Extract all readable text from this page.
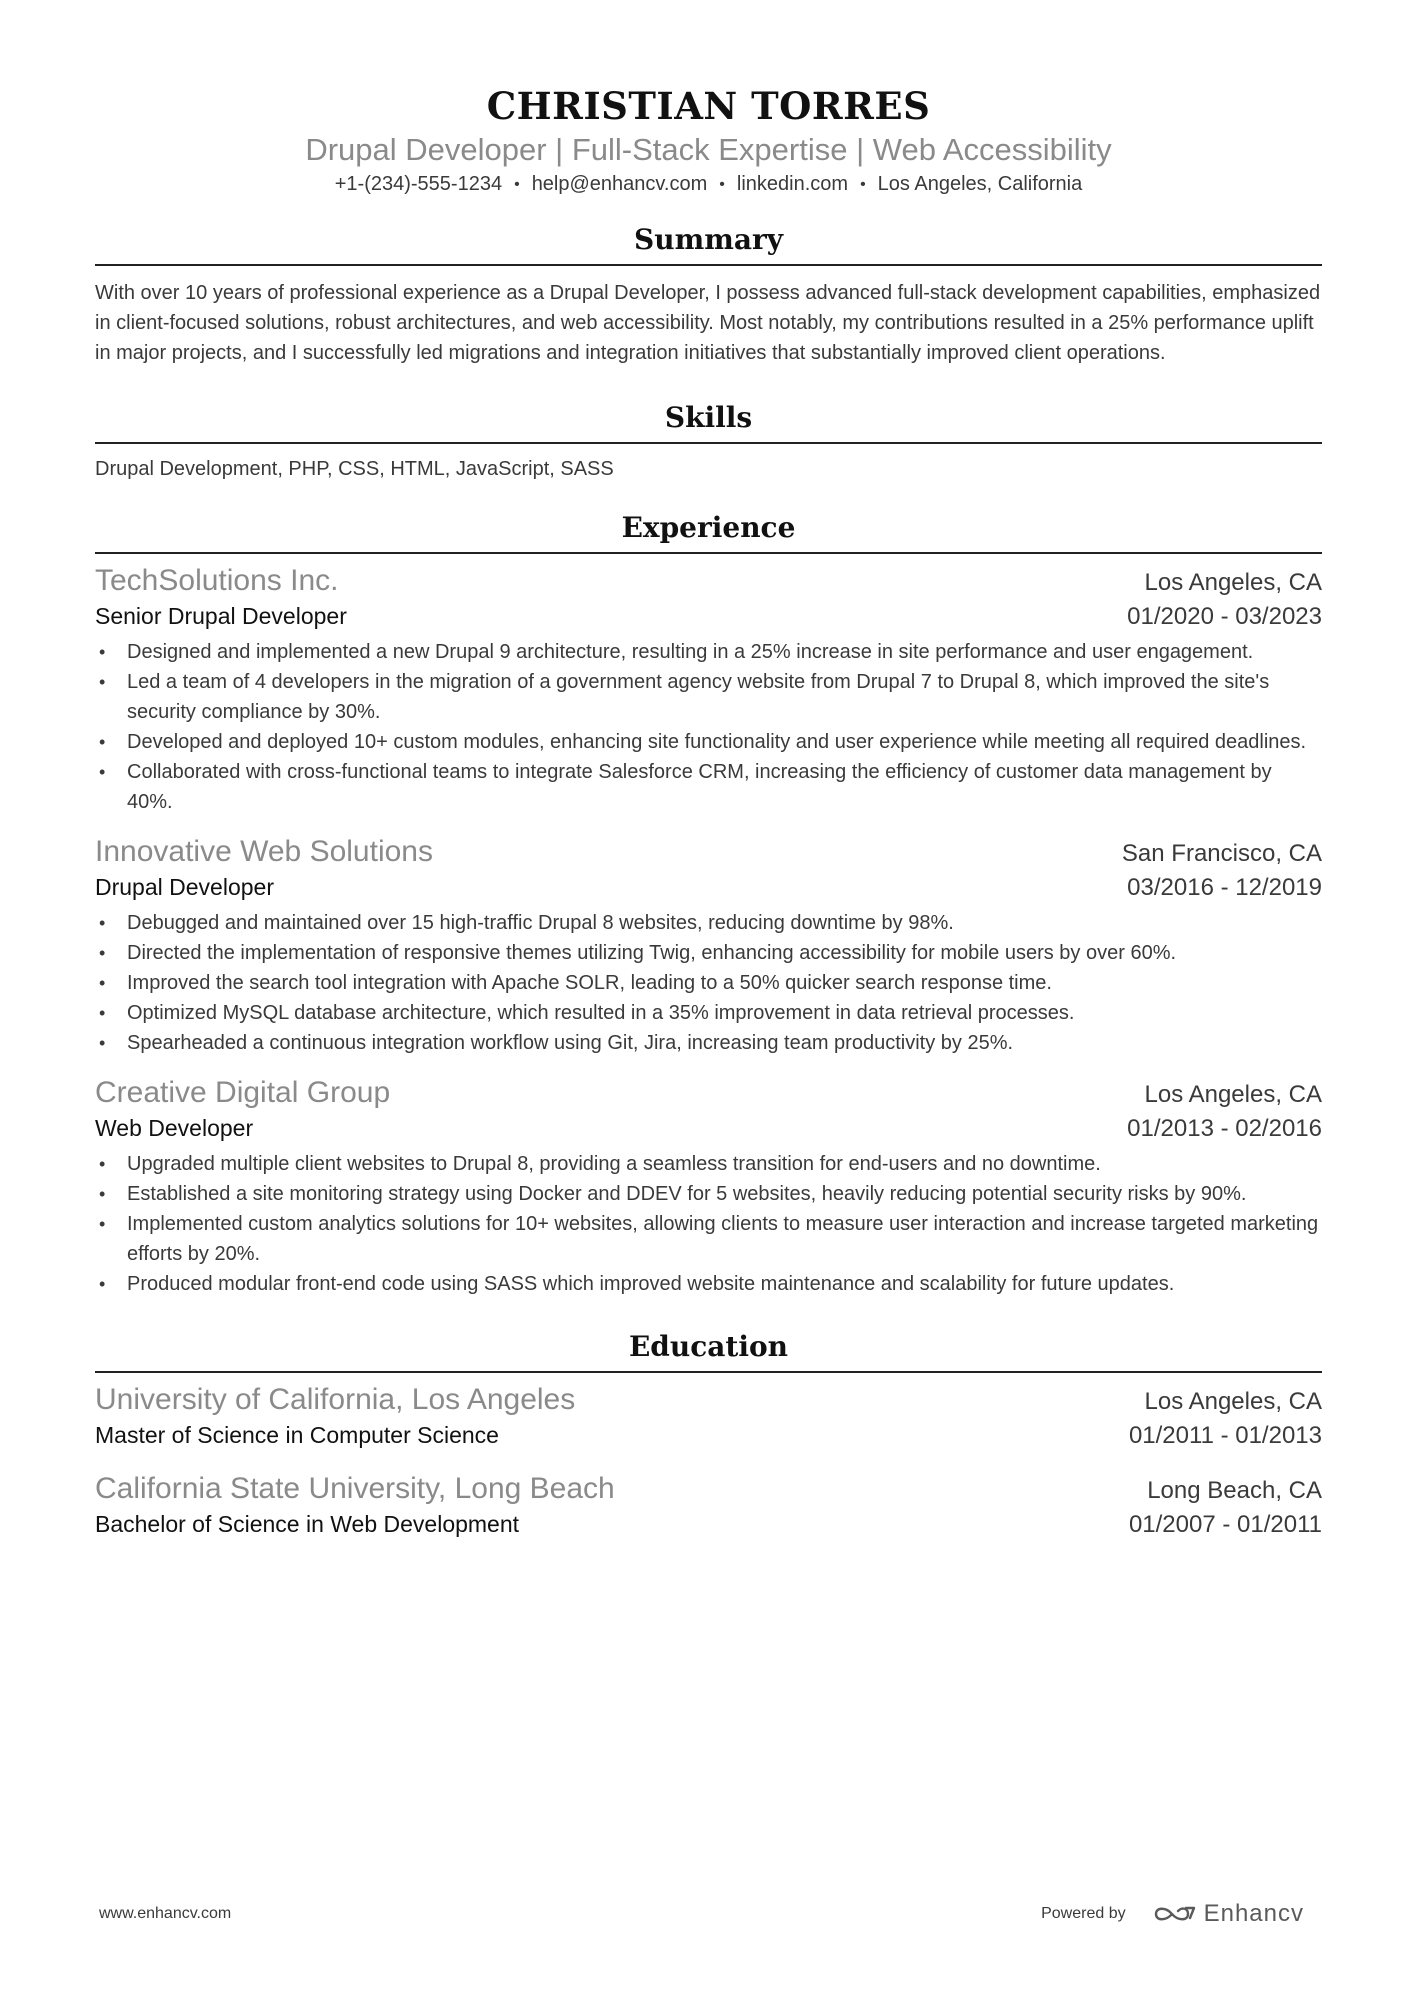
CHRISTIAN TORRES
Drupal Developer | Full-Stack Expertise | Web Accessibility
+1-(234)-555-1234 • help@enhancv.com • linkedin.com • Los Angeles, California
Summary
With over 10 years of professional experience as a Drupal Developer, I possess advanced full-stack development capabilities, emphasized in client-focused solutions, robust architectures, and web accessibility. Most notably, my contributions resulted in a 25% performance uplift in major projects, and I successfully led migrations and integration initiatives that substantially improved client operations.
Skills
Drupal Development, PHP, CSS, HTML, JavaScript, SASS
Experience
TechSolutions Inc.	Los Angeles, CA
Senior Drupal Developer	01/2020 - 03/2023
• Designed and implemented a new Drupal 9 architecture, resulting in a 25% increase in site performance and user engagement.
• Led a team of 4 developers in the migration of a government agency website from Drupal 7 to Drupal 8, which improved the site's security compliance by 30%.
• Developed and deployed 10+ custom modules, enhancing site functionality and user experience while meeting all required deadlines.
• Collaborated with cross-functional teams to integrate Salesforce CRM, increasing the efficiency of customer data management by 40%.
Innovative Web Solutions	San Francisco, CA
Drupal Developer	03/2016 - 12/2019
• Debugged and maintained over 15 high-traffic Drupal 8 websites, reducing downtime by 98%.
• Directed the implementation of responsive themes utilizing Twig, enhancing accessibility for mobile users by over 60%.
• Improved the search tool integration with Apache SOLR, leading to a 50% quicker search response time.
• Optimized MySQL database architecture, which resulted in a 35% improvement in data retrieval processes.
• Spearheaded a continuous integration workflow using Git, Jira, increasing team productivity by 25%.
Creative Digital Group	Los Angeles, CA
Web Developer	01/2013 - 02/2016
• Upgraded multiple client websites to Drupal 8, providing a seamless transition for end-users and no downtime.
• Established a site monitoring strategy using Docker and DDEV for 5 websites, heavily reducing potential security risks by 90%.
• Implemented custom analytics solutions for 10+ websites, allowing clients to measure user interaction and increase targeted marketing efforts by 20%.
• Produced modular front-end code using SASS which improved website maintenance and scalability for future updates.
Education
University of California, Los Angeles	Los Angeles, CA
Master of Science in Computer Science	01/2011 - 01/2013
California State University, Long Beach	Long Beach, CA
Bachelor of Science in Web Development	01/2007 - 01/2011
www.enhancv.com	Powered by	Enhancv
